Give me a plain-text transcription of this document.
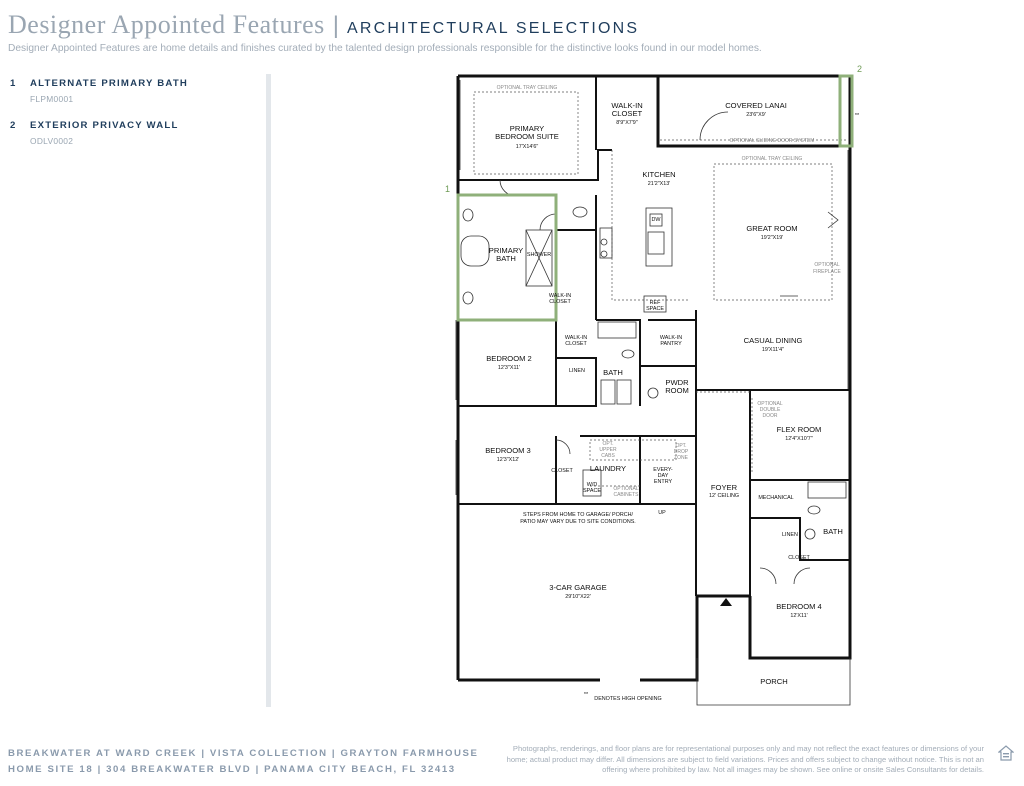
Designer Appointed Features | ARCHITECTURAL SELECTIONS
Designer Appointed Features are home details and finishes curated by the talented design professionals responsible for the distinctive looks found in our model homes.
1	ALTERNATE PRIMARY BATH
FLPM0001
2	EXTERIOR PRIVACY WALL
ODLV0002
1
2
OPTIONAL TRAY CEILING
PRIMARY
BEDROOM SUITE
17'X14'6"
WALK-IN
CLOSET
8'9"X7'9"
COVERED LANAI
23'6"X9'
OPTIONAL SLIDING DOOR SYSTEM
OPTIONAL TRAY CEILING
KITCHEN
21'2"X13'
DW
GREAT ROOM
19'2"X19'
OPTIONAL
FIREPLACE
PRIMARY
BATH SHOWER
WALK-IN
CLOSET	REF
SPACE
WALK-IN
CLOSET
WALK-IN
PANTRY	CASUAL DINING
19'X11'4"
BEDROOM 2
12'3"X11'	LINEN BATH
PWDR
ROOM
OPTIONAL
DOUBLE
DOOR
FLEX ROOM
12'4"X10'7"
BEDROOM 3
12'3"X12'
OPT.
UPPER
CABS
CLOSET LAUNDRY
W/D
SPACE OPTIONAL
CABINETS
EVERY-
DAY
ENTRY
OPT.
DROP
ZONE
FOYER
12' CEILING	MECHANICAL
BATH
LINEN
CLOSET
STEPS FROM HOME TO GARAGE/ PORCH/
PATIO MAY VARY DUE TO SITE CONDITIONS.
UP
3-CAR GARAGE
29'10"X22'
BEDROOM 4
12'X11'
PORCH
**
DENOTES HIGH OPENING
**
BREAKWATER AT WARD CREEK | VISTA COLLECTION | GRAYTON FARMHOUSE
HOME SITE 18 | 304 BREAKWATER BLVD | PANAMA CITY BEACH, FL 32413
Photographs, renderings, and floor plans are for representational purposes only and may not reflect the exact features or dimensions of your home; actual product may differ. All dimensions are subject to field variations. Prices and offers subject to change without notice. This is not an offering where prohibited by law. Not all images may be shown. See online or onsite Sales Consultants for details.
